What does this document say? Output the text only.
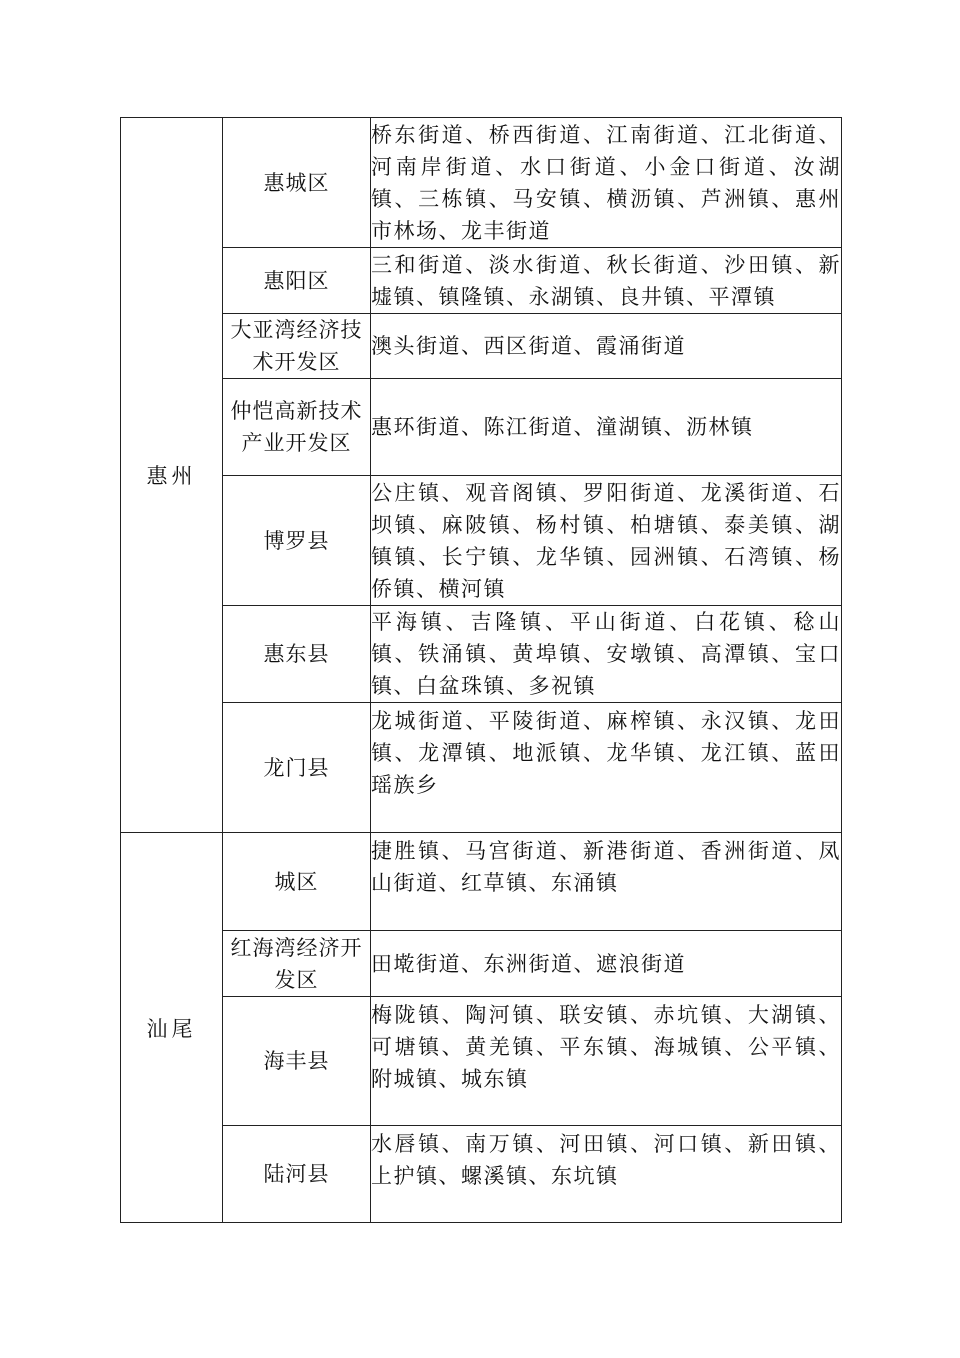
惠州	惠城区	桥东街道、桥西街道、江南街道、江北街道、河南岸街道、水口街道、小金口街道、汝湖镇、三栋镇、马安镇、横沥镇、芦洲镇、惠州市林场、龙丰街道
	惠阳区	三和街道、淡水街道、秋长街道、沙田镇、新墟镇、镇隆镇、永湖镇、良井镇、平潭镇
	大亚湾经济技术开发区	澳头街道、西区街道、霞涌街道
	仲恺高新技术产业开发区	惠环街道、陈江街道、潼湖镇、沥林镇
	博罗县	公庄镇、观音阁镇、罗阳街道、龙溪街道、石坝镇、麻陂镇、杨村镇、柏塘镇、泰美镇、湖镇镇、长宁镇、龙华镇、园洲镇、石湾镇、杨侨镇、横河镇
	惠东县	平海镇、吉隆镇、平山街道、白花镇、稔山镇、铁涌镇、黄埠镇、安墩镇、高潭镇、宝口镇、白盆珠镇、多祝镇
	龙门县	龙城街道、平陵街道、麻榨镇、永汉镇、龙田镇、龙潭镇、地派镇、龙华镇、龙江镇、蓝田瑶族乡
汕尾	城区	捷胜镇、马宫街道、新港街道、香洲街道、凤山街道、红草镇、东涌镇
	红海湾经济开发区	田墘街道、东洲街道、遮浪街道
	海丰县	梅陇镇、陶河镇、联安镇、赤坑镇、大湖镇、可塘镇、黄羌镇、平东镇、海城镇、公平镇、附城镇、城东镇
	陆河县	水唇镇、南万镇、河田镇、河口镇、新田镇、上护镇、螺溪镇、东坑镇
